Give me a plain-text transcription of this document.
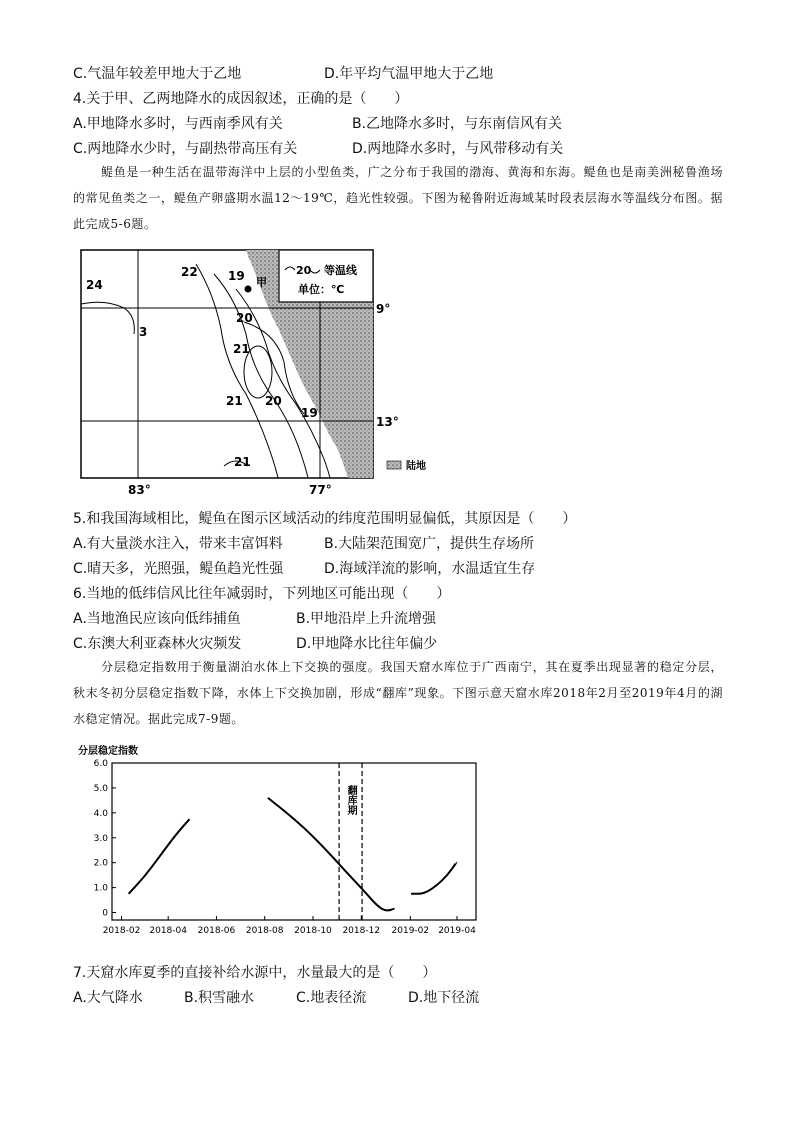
C.气温年较差甲地大于乙地	D.年平均气温甲地大于乙地
4.关于甲、乙两地降水的成因叙述，正确的是（　　）
A.甲地降水多时，与西南季风有关	B.乙地降水多时，与东南信风有关
C.两地降水少时，与副热带高压有关	D.两地降水多时，与风带移动有关
鳀鱼是一种生活在温带海洋中上层的小型鱼类，广之分布于我国的渤海、黄海和东海。鳀鱼也是南美洲秘鲁渔场的常见鱼类之一，鳀鱼产卵盛期水温12～19℃，趋光性较强。下图为秘鲁附近海域某时段表层海水等温线分布图。据此完成5-6题。
20 等温线
单位：℃
甲
24
3
22	19
20
21
21 20
19
21
9°
13°
83°	77°
陆地
5.和我国海域相比，鳀鱼在图示区域活动的纬度范围明显偏低，其原因是（　　）
A.有大量淡水注入，带来丰富饵料	B.大陆架范围宽广，提供生存场所
C.晴天多，光照强，鳀鱼趋光性强	D.海域洋流的影响，水温适宜生存
6.当地的低纬信风比往年减弱时，下列地区可能出现（　　）
A.当地渔民应该向低纬捕鱼	B.甲地沿岸上升流增强
C.东澳大利亚森林火灾频发	D.甲地降水比往年偏少
分层稳定指数用于衡量湖泊水体上下交换的强度。我国天窟水库位于广西南宁，其在夏季出现显著的稳定分层，秋末冬初分层稳定指数下降，水体上下交换加剧，形成“翻库”现象。下图示意天窟水库2018年2月至2019年4月的湖水稳定情况。据此完成7-9题。
分层稳定指数
6.0
5.0
4.0
3.0
2.0
1.0
0
2018-02 2018-04 2018-06 2018-08 2018-10 2018-12 2019-02 2019-04
翻库期
7.天窟水库夏季的直接补给水源中，水量最大的是（　　）
A.大气降水	B.积雪融水	C.地表径流	D.地下径流
